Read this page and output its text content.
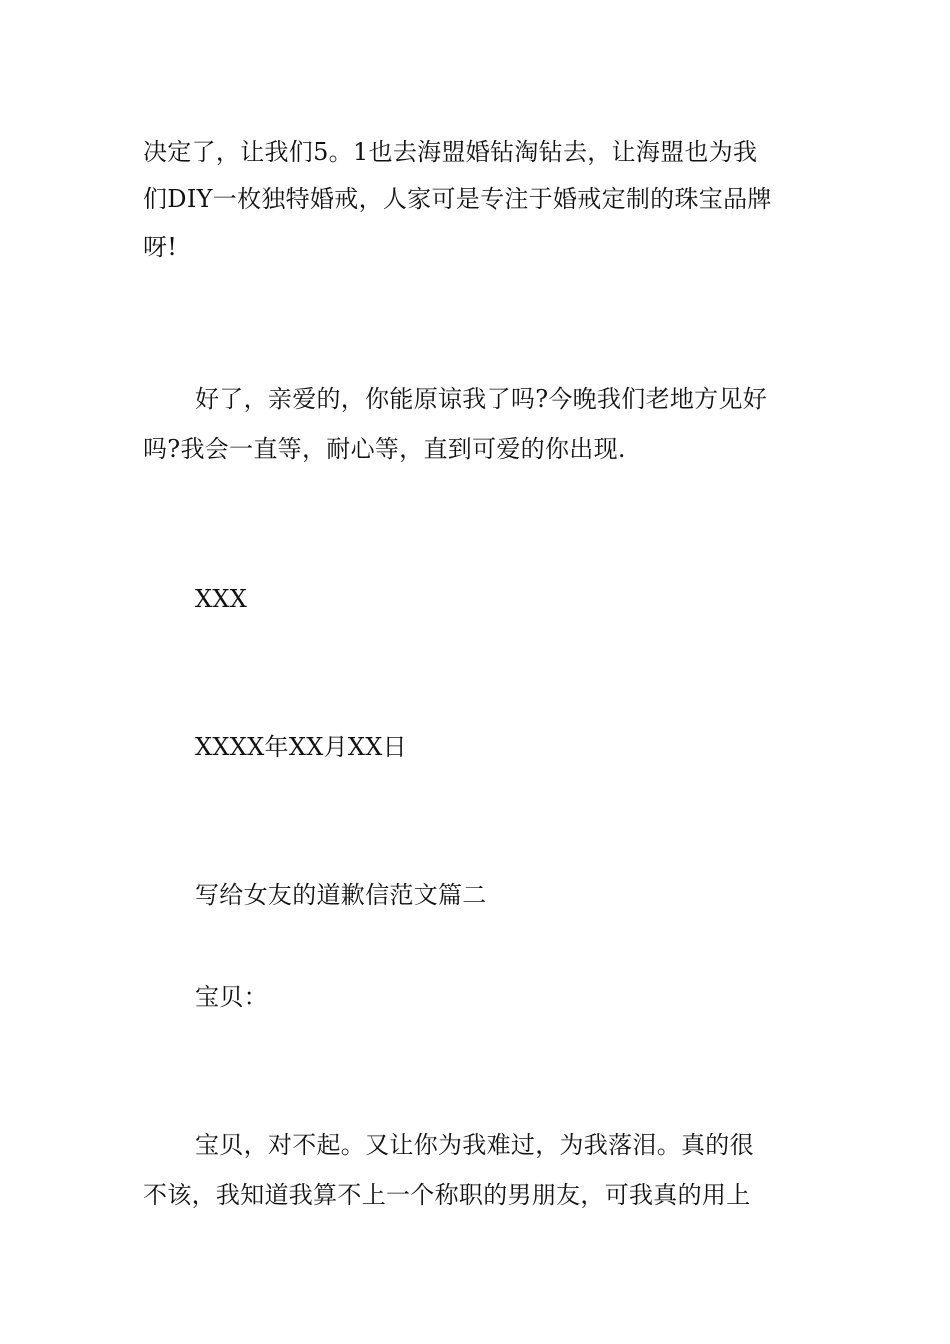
决定了，让我们5。1也去海盟婚钻淘钻去，让海盟也为我
们DIY一枚独特婚戒，人家可是专注于婚戒定制的珠宝品牌
呀!
好了，亲爱的，你能原谅我了吗?今晚我们老地方见好
吗?我会一直等，耐心等，直到可爱的你出现.
XXX
XXXX年XX月XX日
写给女友的道歉信范文篇二
宝贝：
宝贝，对不起。又让你为我难过，为我落泪。真的很
不该，我知道我算不上一个称职的男朋友，可我真的用上
